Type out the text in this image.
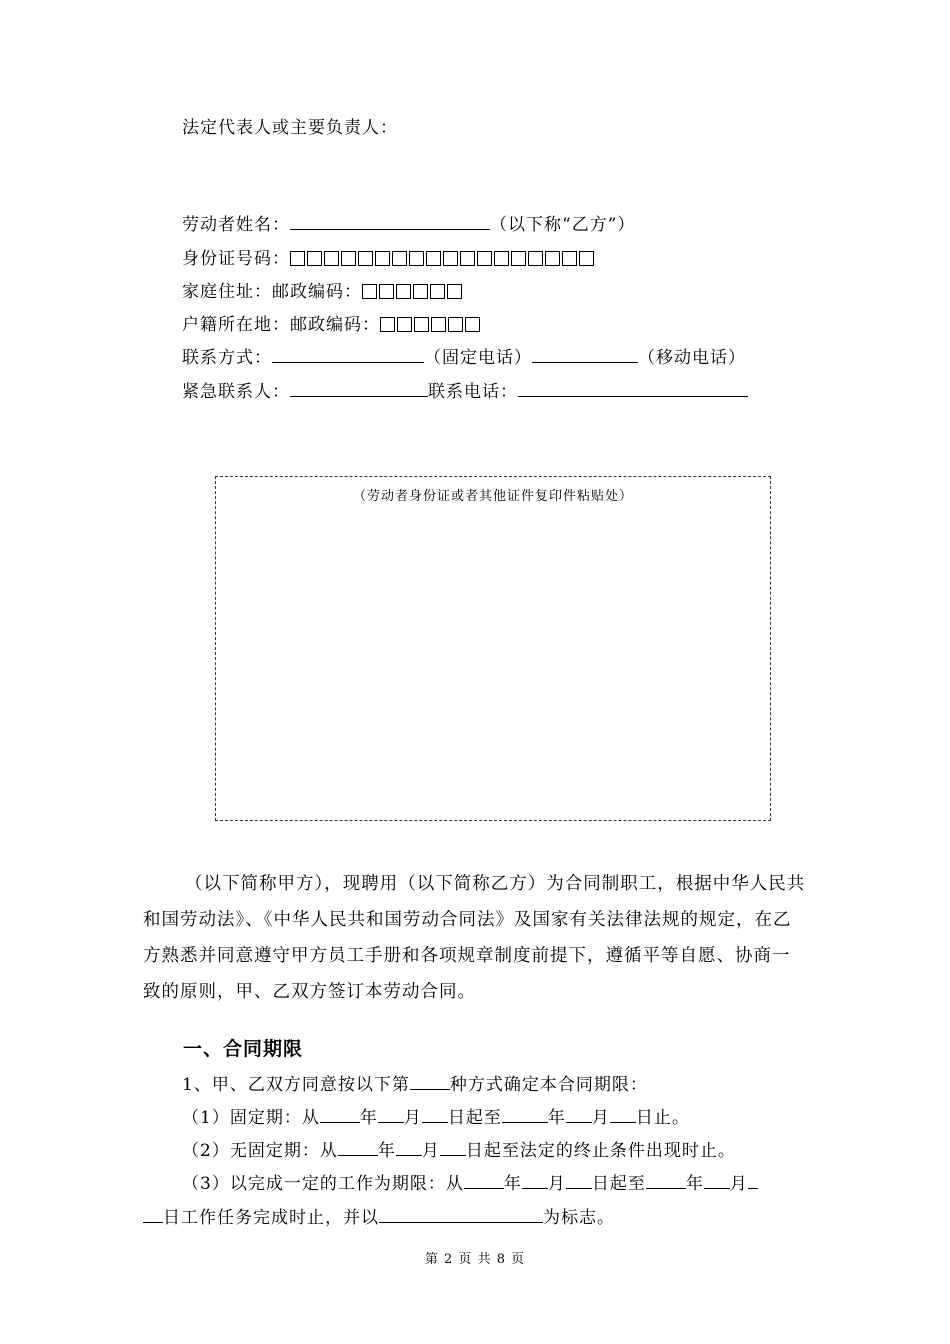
法定代表人或主要负责人：
劳动者姓名：	（以下称“乙方”）
身份证号码：
家庭住址：邮政编码：
户籍所在地：邮政编码：
联系方式：	（固定电话）	（移动电话）
紧急联系人：	联系电话：
（劳动者身份证或者其他证件复印件粘贴处）
（以下简称甲方），现聘用（以下简称乙方）为合同制职工，根据中华人民共和国劳动法》、《中华人民共和国劳动合同法》及国家有关法律法规的规定，在乙方熟悉并同意遵守甲方员工手册和各项规章制度前提下，遵循平等自愿、协商一致的原则，甲、乙双方签订本劳动合同。
一、合同期限
1、甲、乙双方同意按以下第 种方式确定本合同期限：
（1）固定期：从 年 月 日起至	年 月 日止。
（2）无固定期：从 年 月 日起至法定的终止条件出现时止。
（3）以完成一定的工作为期限：从 年 月 日起至 年 月
日工作任务完成时止，并以	为标志。
第 2 页 共 8 页
